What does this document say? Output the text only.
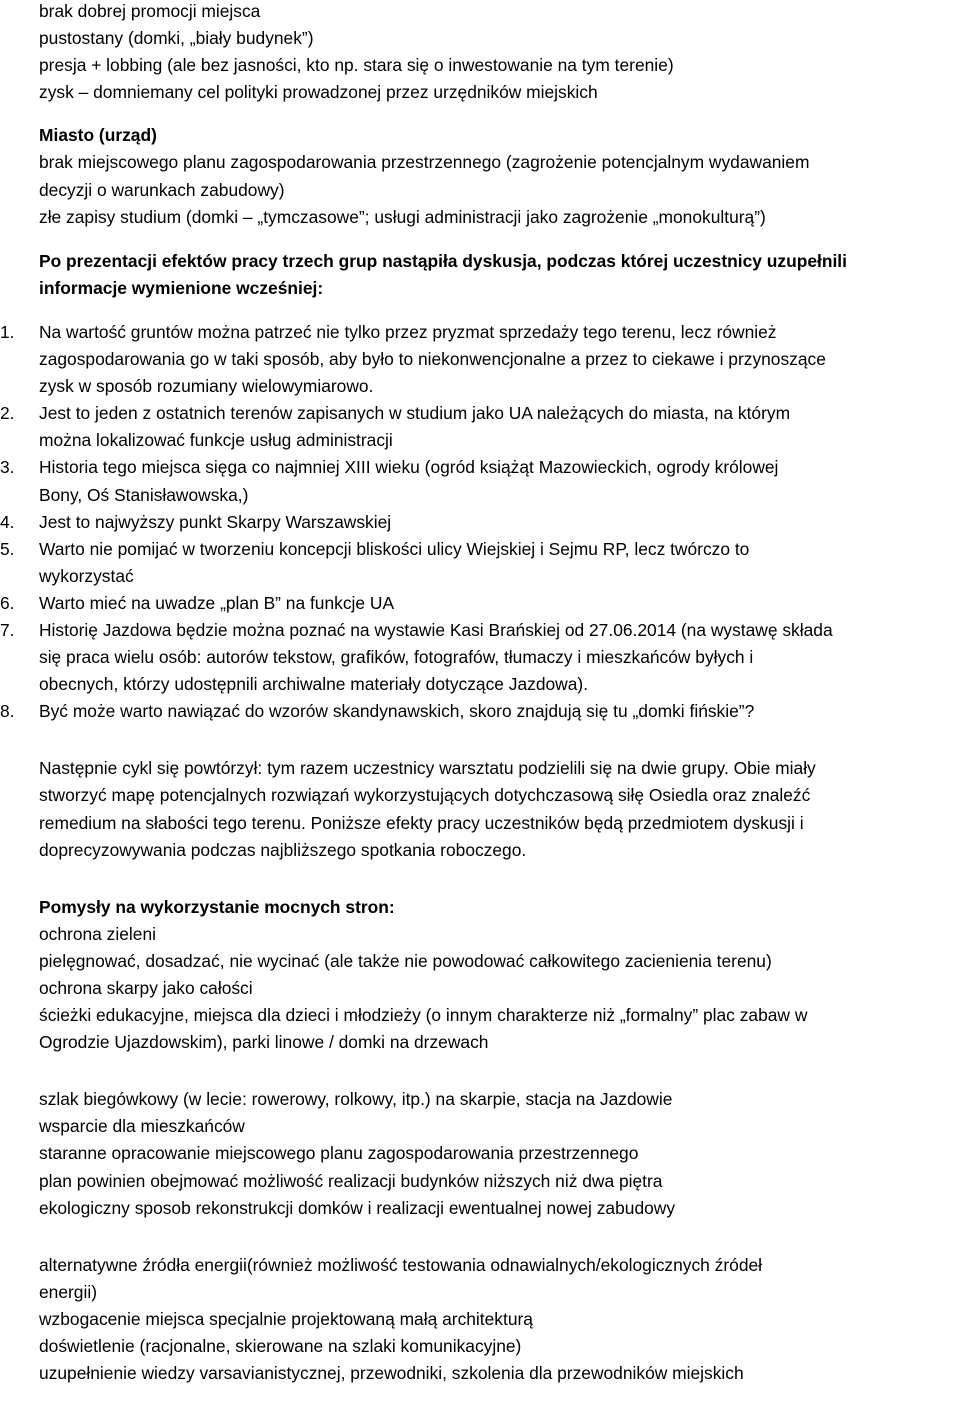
brak dobrej promocji miejsca
pustostany (domki, „biały budynek”)
presja + lobbing (ale bez jasności, kto np. stara się o inwestowanie na tym terenie)
zysk – domniemany cel polityki prowadzonej przez urzędników miejskich
Miasto (urząd)
brak miejscowego planu zagospodarowania przestrzennego (zagrożenie potencjalnym wydawaniem
decyzji o warunkach zabudowy)
złe zapisy studium (domki – „tymczasowe”; usługi administracji jako zagrożenie „monokulturą”)
Po prezentacji efektów pracy trzech grup nastąpiła dyskusja, podczas której uczestnicy uzupełnili
informacje wymienione wcześniej:
1.	Na wartość gruntów można patrzeć nie tylko przez pryzmat sprzedaży tego terenu, lecz również
zagospodarowania go w taki sposób, aby było to niekonwencjonalne a przez to ciekawe i przynoszące
zysk w sposób rozumiany wielowymiarowo.
2.	Jest to jeden z ostatnich terenów zapisanych w studium jako UA należących do miasta, na którym
można lokalizować funkcje usług administracji
3.	Historia tego miejsca sięga co najmniej XIII wieku (ogród książąt Mazowieckich, ogrody królowej
Bony, Oś Stanisławowska,)
4.	Jest to najwyższy punkt Skarpy Warszawskiej
5.	Warto nie pomijać w tworzeniu koncepcji bliskości ulicy Wiejskiej i Sejmu RP, lecz twórczo to
wykorzystać
6.	Warto mieć na uwadze „plan B” na funkcje UA
7.	Historię Jazdowa będzie można poznać na wystawie Kasi Brańskiej od 27.06.2014 (na wystawę składa
się praca wielu osób: autorów tekstow, grafików, fotografów, tłumaczy i mieszkańców byłych i
obecnych, którzy udostępnili archiwalne materiały dotyczące Jazdowa).
8.	Być może warto nawiązać do wzorów skandynawskich, skoro znajdują się tu „domki fińskie”?
Następnie cykl się powtórzył: tym razem uczestnicy warsztatu podzielili się na dwie grupy. Obie miały
stworzyć mapę potencjalnych rozwiązań wykorzystujących dotychczasową siłę Osiedla oraz znaleźć
remedium na słabości tego terenu. Poniższe efekty pracy uczestników będą przedmiotem dyskusji i
doprecyzowywania podczas najbliższego spotkania roboczego.
Pomysły na wykorzystanie mocnych stron:
ochrona zieleni
pielęgnować, dosadzać, nie wycinać (ale także nie powodować całkowitego zacienienia terenu)
ochrona skarpy jako całości
ścieżki edukacyjne, miejsca dla dzieci i młodzieży (o innym charakterze niż „formalny” plac zabaw w
Ogrodzie Ujazdowskim), parki linowe / domki na drzewach
szlak biegówkowy (w lecie: rowerowy, rolkowy, itp.) na skarpie, stacja na Jazdowie
wsparcie dla mieszkańców
staranne opracowanie miejscowego planu zagospodarowania przestrzennego
plan powinien obejmować możliwość realizacji budynków niższych niż dwa piętra
ekologiczny sposob rekonstrukcji domków i realizacji ewentualnej nowej zabudowy
alternatywne źródła energii(również możliwość testowania odnawialnych/ekologicznych źródeł
energii)
wzbogacenie miejsca specjalnie projektowaną małą architekturą
doświetlenie (racjonalne, skierowane na szlaki komunikacyjne)
uzupełnienie wiedzy varsavianistycznej, przewodniki, szkolenia dla przewodników miejskich
